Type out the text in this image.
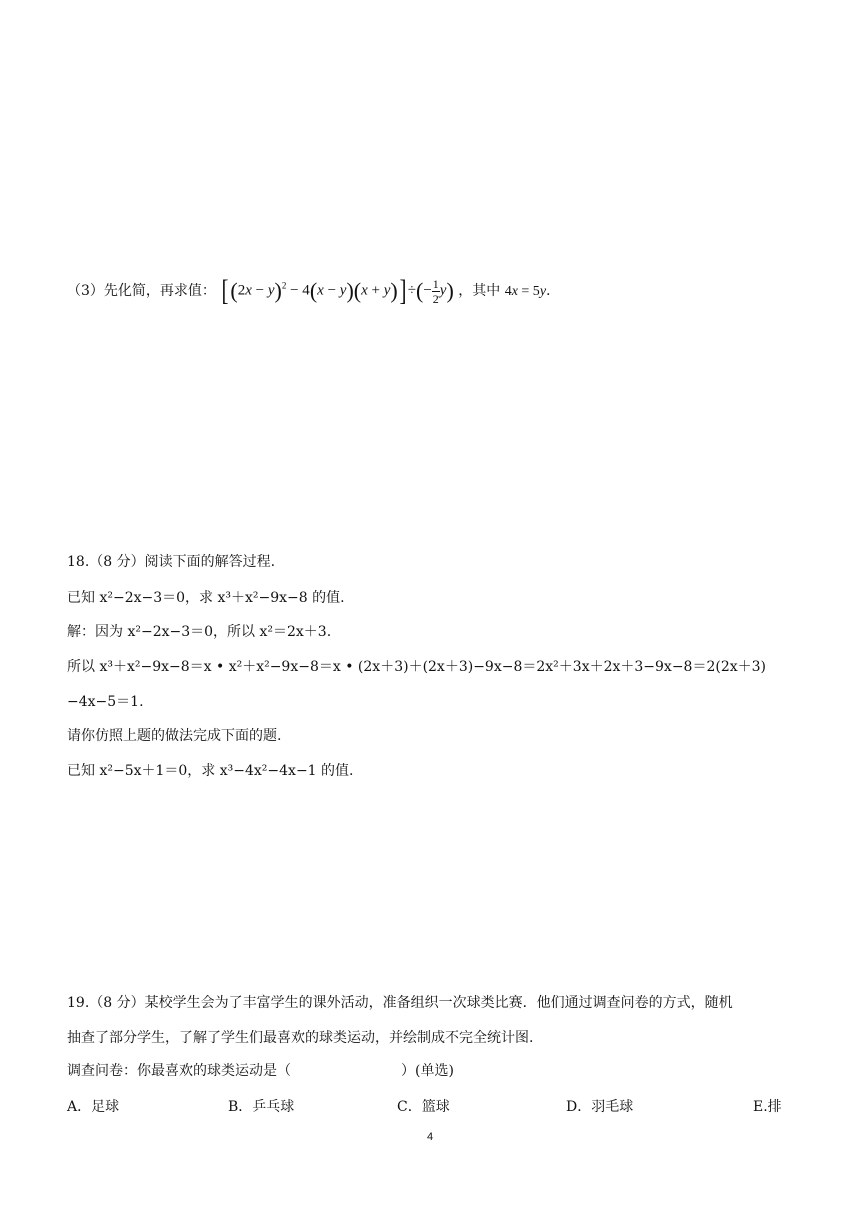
（3）先化简，再求值： $[(2x - y)^2 - 4(x - y)(x + y)]$ ÷(− $\frac{1}{2} y$) ，其中 4x = 5y.
18.（8 分）阅读下面的解答过程.
已知 x²−2x−3＝0，求 x³＋x²−9x−8 的值.
解：因为 x²−2x−3＝0，所以 x²＝2x＋3.
所以 x³＋x²−9x−8＝x • x²＋x²−9x−8＝x • (2x＋3)＋(2x＋3)−9x−8＝2x²＋3x＋2x＋3−9x−8＝2(2x＋3)
−4x−5＝1.
请你仿照上题的做法完成下面的题.
已知 x²−5x＋1＝0，求 x³−4x²−4x−1 的值.
19.（8 分）某校学生会为了丰富学生的课外活动，准备组织一次球类比赛．他们通过调查问卷的方式，随机
抽查了部分学生，了解了学生们最喜欢的球类运动，并绘制成不完全统计图.
调查问卷：你最喜欢的球类运动是（	）(单选)
A．足球	B．乒乓球	C．篮球	D．羽毛球	E.排
4
